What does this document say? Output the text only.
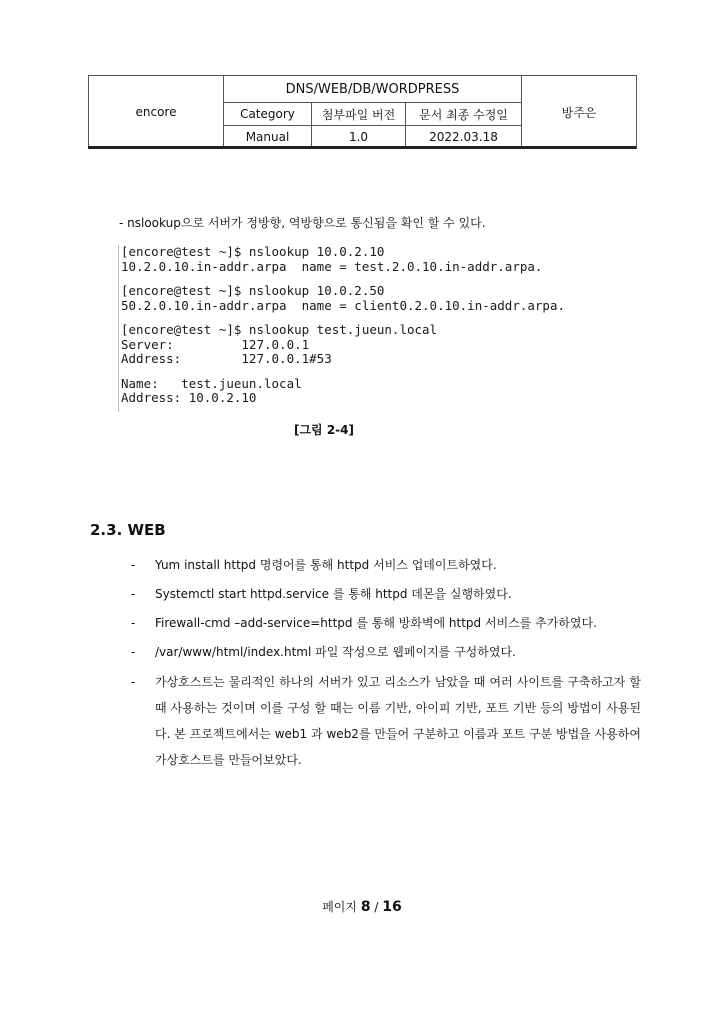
encore	DNS/WEB/DB/WORDPRESS			방주은
	Category	첨부파일 버전	문서 최종 수정일	
	Manual	1.0	2022.03.18	
- nslookup으로 서버가 정방향, 역방향으로 통신됨을 확인 할 수 있다.
[encore@test ~]$ nslookup 10.0.2.10
10.2.0.10.in-addr.arpa  name = test.2.0.10.in-addr.arpa.
[encore@test ~]$ nslookup 10.0.2.50
50.2.0.10.in-addr.arpa  name = client0.2.0.10.in-addr.arpa.
[encore@test ~]$ nslookup test.jueun.local
Server:         127.0.0.1
Address:        127.0.0.1#53
Name:   test.jueun.local
Address: 10.0.2.10
[그림 2-4]
2.3. WEB
- Yum install httpd 명령어를 통해 httpd 서비스 업데이트하였다.
- Systemctl start httpd.service 를 통해 httpd 데몬을 실행하였다.
- Firewall-cmd –add-service=httpd 를 통해 방화벽에 httpd 서비스를 추가하였다.
- /var/www/html/index.html 파일 작성으로 웹페이지를 구성하였다.
- 가상호스트는 물리적인 하나의 서버가 있고 리소스가 남았을 때 여러 사이트를 구축하고자 할 때 사용하는 것이며 이를 구성 할 때는 이름 기반, 아이피 기반, 포트 기반 등의 방법이 사용된다. 본 프로젝트에서는 web1 과 web2를 만들어 구분하고 이름과 포트 구분 방법을 사용하여 가상호스트를 만들어보았다.
페이지 8 / 16
